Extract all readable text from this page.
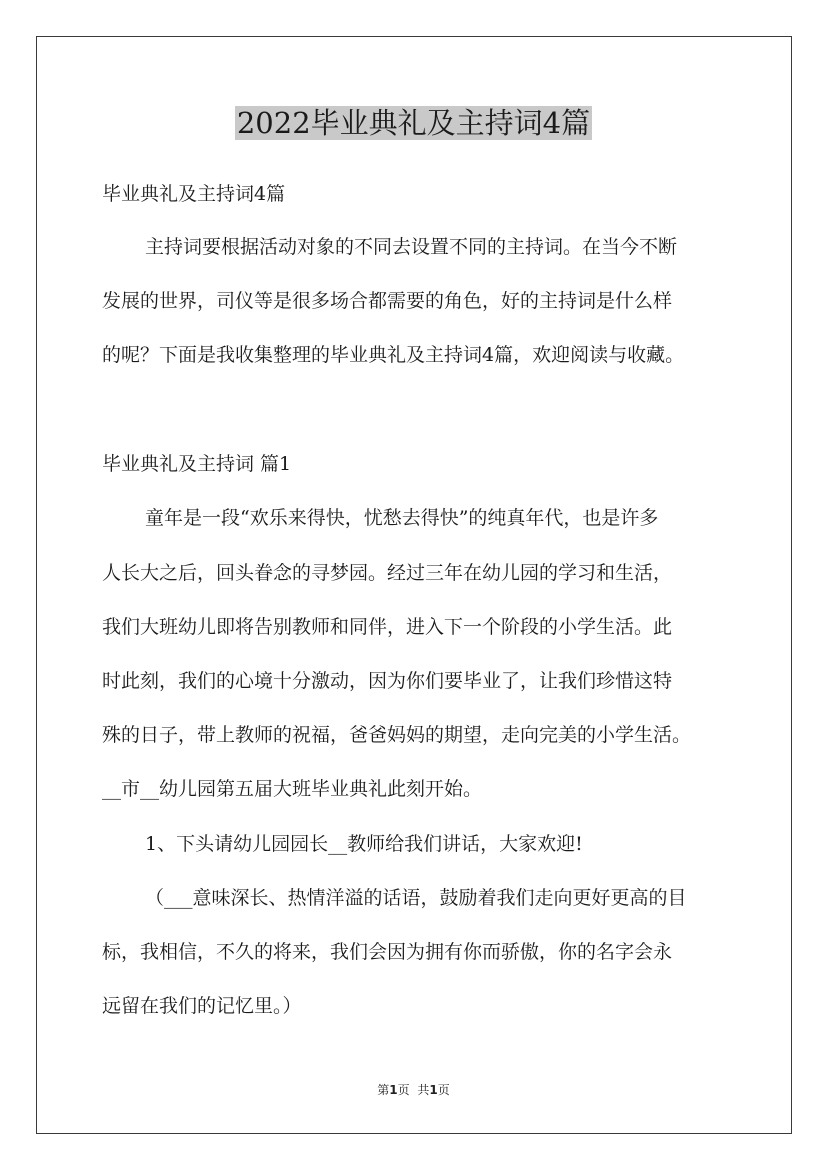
2022毕业典礼及主持词4篇

毕业典礼及主持词4篇

主持词要根据活动对象的不同去设置不同的主持词。在当今不断

发展的世界，司仪等是很多场合都需要的角色，好的主持词是什么样

的呢？下面是我收集整理的毕业典礼及主持词4篇，欢迎阅读与收藏。

毕业典礼及主持词 篇1

童年是一段“欢乐来得快，忧愁去得快”的纯真年代，也是许多

人长大之后，回头眷念的寻梦园。经过三年在幼儿园的学习和生活，

我们大班幼儿即将告别教师和同伴，进入下一个阶段的小学生活。此

时此刻，我们的心境十分激动，因为你们要毕业了，让我们珍惜这特

殊的日子，带上教师的祝福，爸爸妈妈的期望，走向完美的小学生活。

__市__幼儿园第五届大班毕业典礼此刻开始。

1、下头请幼儿园园长__教师给我们讲话，大家欢迎!

（___意味深长、热情洋溢的话语，鼓励着我们走向更好更高的目

标，我相信，不久的将来，我们会因为拥有你而骄傲，你的名字会永

远留在我们的记忆里。）

第1页 共1页
